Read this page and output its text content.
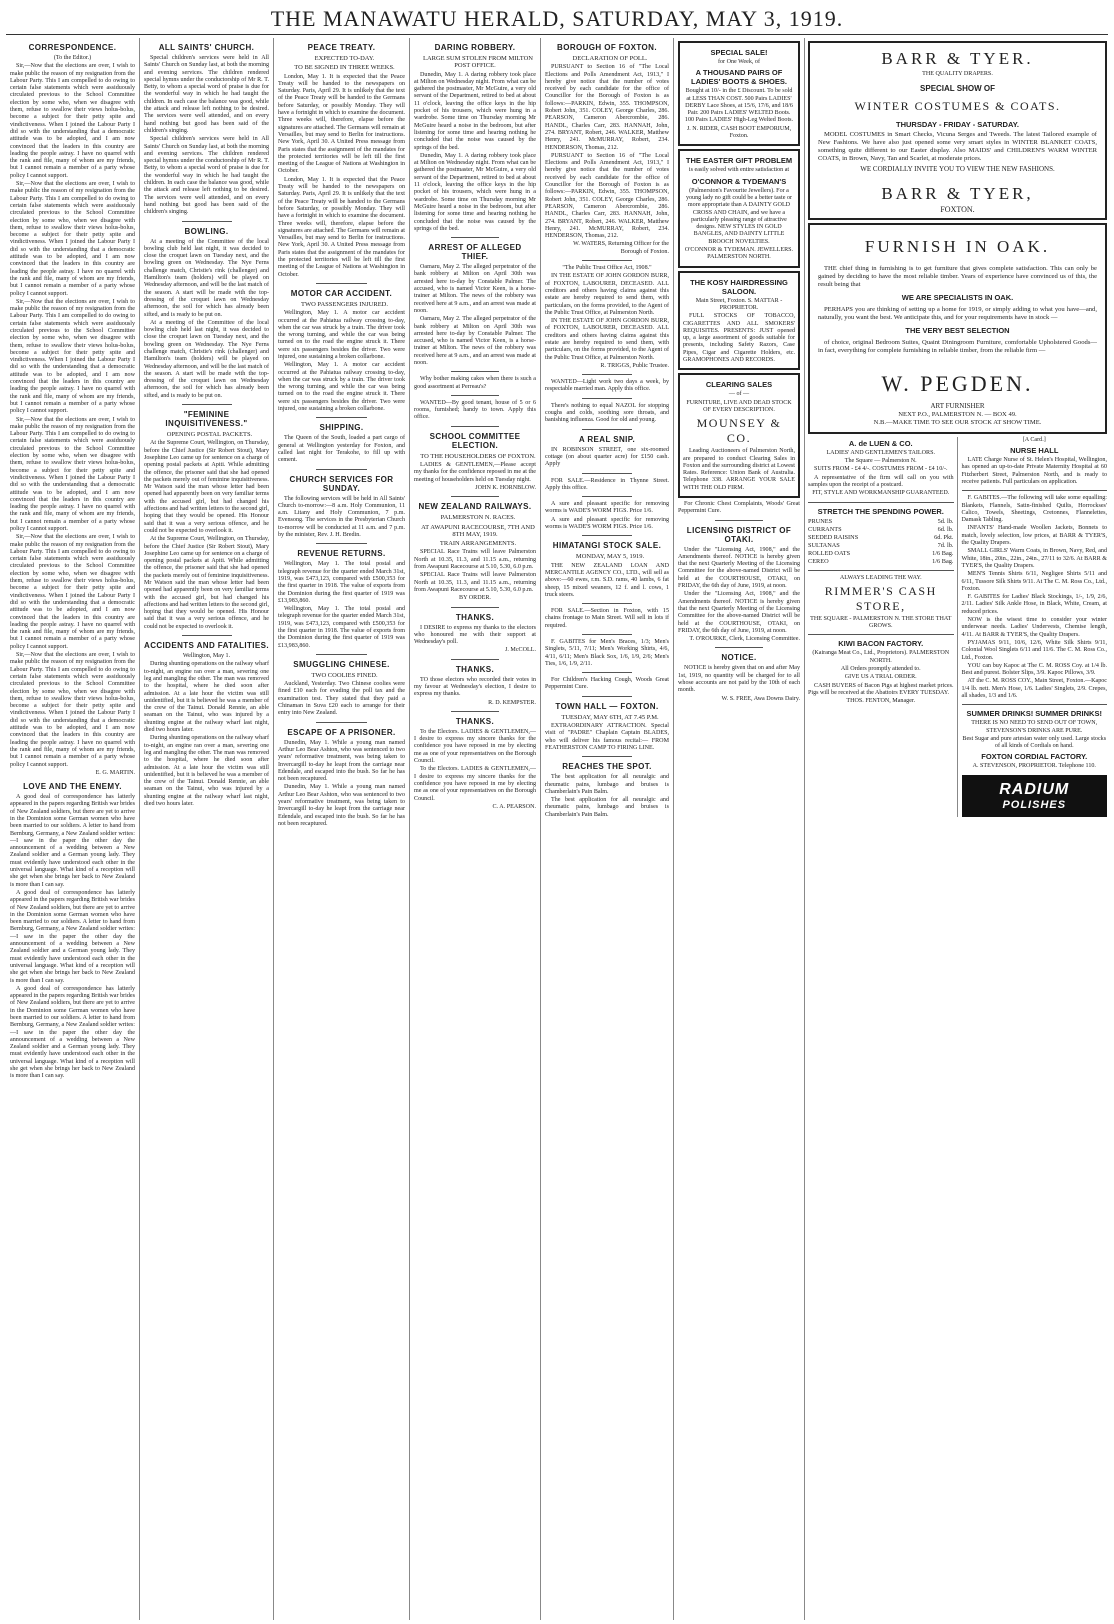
THE MANAWATU HERALD, SATURDAY, MAY 3, 1919.
CORRESPONDENCE.

(To the Editor.)

Sir,—Now that the elections are over, I wish to make public the reason of my resignation from the Labour Party. This I am compelled to do owing to certain false statements which were assiduously circulated previous to the School Committee election by some who, when we disagree with them, refuse to swallow their views holus-bolus, become a subject for their petty spite and vindictiveness. When I joined the Labour Party I did so with the understanding that a democratic attitude was to be adopted, and I am now convinced that the leaders in this country are leading the people astray. I have no quarrel with the rank and file, many of whom are my friends, but I cannot remain a member of a party whose policy I cannot support.

Sir,—Now that the elections are over, I wish to make public the reason of my resignation from the Labour Party. This I am compelled to do owing to certain false statements which were assiduously circulated previous to the School Committee election by some who, when we disagree with them, refuse to swallow their views holus-bolus, become a subject for their petty spite and vindictiveness. When I joined the Labour Party I did so with the understanding that a democratic attitude was to be adopted, and I am now convinced that the leaders in this country are leading the people astray. I have no quarrel with the rank and file, many of whom are my friends, but I cannot remain a member of a party whose policy I cannot support.

Sir,—Now that the elections are over, I wish to make public the reason of my resignation from the Labour Party. This I am compelled to do owing to certain false statements which were assiduously circulated previous to the School Committee election by some who, when we disagree with them, refuse to swallow their views holus-bolus, become a subject for their petty spite and vindictiveness. When I joined the Labour Party I did so with the understanding that a democratic attitude was to be adopted, and I am now convinced that the leaders in this country are leading the people astray. I have no quarrel with the rank and file, many of whom are my friends, but I cannot remain a member of a party whose policy I cannot support.

Sir,—Now that the elections are over, I wish to make public the reason of my resignation from the Labour Party. This I am compelled to do owing to certain false statements which were assiduously circulated previous to the School Committee election by some who, when we disagree with them, refuse to swallow their views holus-bolus, become a subject for their petty spite and vindictiveness. When I joined the Labour Party I did so with the understanding that a democratic attitude was to be adopted, and I am now convinced that the leaders in this country are leading the people astray. I have no quarrel with the rank and file, many of whom are my friends, but I cannot remain a member of a party whose policy I cannot support.

Sir,—Now that the elections are over, I wish to make public the reason of my resignation from the Labour Party. This I am compelled to do owing to certain false statements which were assiduously circulated previous to the School Committee election by some who, when we disagree with them, refuse to swallow their views holus-bolus, become a subject for their petty spite and vindictiveness. When I joined the Labour Party I did so with the understanding that a democratic attitude was to be adopted, and I am now convinced that the leaders in this country are leading the people astray. I have no quarrel with the rank and file, many of whom are my friends, but I cannot remain a member of a party whose policy I cannot support.

Sir,—Now that the elections are over, I wish to make public the reason of my resignation from the Labour Party. This I am compelled to do owing to certain false statements which were assiduously circulated previous to the School Committee election by some who, when we disagree with them, refuse to swallow their views holus-bolus, become a subject for their petty spite and vindictiveness. When I joined the Labour Party I did so with the understanding that a democratic attitude was to be adopted, and I am now convinced that the leaders in this country are leading the people astray. I have no quarrel with the rank and file, many of whom are my friends, but I cannot remain a member of a party whose policy I cannot support.

E. G. MARTIN.

LOVE AND THE ENEMY.

A good deal of correspondence has latterly appeared in the papers regarding British war brides of New Zealand soldiers, but there are yet to arrive in the Dominion some German women who have been married to our soldiers. A letter to hand from Bernburg, Germany, a New Zealand soldier writes:—I saw in the paper the other day the announcement of a wedding between a New Zealand soldier and a German young lady. They must evidently have understood each other in the universal language. What kind of a reception will she get when she brings her back to New Zealand is more than I can say.

A good deal of correspondence has latterly appeared in the papers regarding British war brides of New Zealand soldiers, but there are yet to arrive in the Dominion some German women who have been married to our soldiers. A letter to hand from Bernburg, Germany, a New Zealand soldier writes:—I saw in the paper the other day the announcement of a wedding between a New Zealand soldier and a German young lady. They must evidently have understood each other in the universal language. What kind of a reception will she get when she brings her back to New Zealand is more than I can say.

A good deal of correspondence has latterly appeared in the papers regarding British war brides of New Zealand soldiers, but there are yet to arrive in the Dominion some German women who have been married to our soldiers. A letter to hand from Bernburg, Germany, a New Zealand soldier writes:—I saw in the paper the other day the announcement of a wedding between a New Zealand soldier and a German young lady. They must evidently have understood each other in the universal language. What kind of a reception will she get when she brings her back to New Zealand is more than I can say.

ALL SAINTS' CHURCH.

Special children's services were held in All Saints' Church on Sunday last, at both the morning and evening services. The children rendered special hymns under the conductorship of Mr R. T. Betty, to whom a special word of praise is due for the wonderful way in which he had taught the children. In each case the balance was good, while the attack and release left nothing to be desired. The services were well attended, and on every hand nothing but good has been said of the children's singing.

Special children's services were held in All Saints' Church on Sunday last, at both the morning and evening services. The children rendered special hymns under the conductorship of Mr R. T. Betty, to whom a special word of praise is due for the wonderful way in which he had taught the children. In each case the balance was good, while the attack and release left nothing to be desired. The services were well attended, and on every hand nothing but good has been said of the children's singing.

BOWLING.

At a meeting of the Committee of the local bowling club held last night, it was decided to close the croquet lawn on Tuesday next, and the bowling green on Wednesday. The Nye Ferns challenge match, Christie's rink (challenger) and Hamilton's team (holders) will be played on Wednesday afternoon, and will be the last match of the season. A start will be made with the top-dressing of the croquet lawn on Wednesday afternoon, the soil for which has already been sifted, and is ready to be put on.

At a meeting of the Committee of the local bowling club held last night, it was decided to close the croquet lawn on Tuesday next, and the bowling green on Wednesday. The Nye Ferns challenge match, Christie's rink (challenger) and Hamilton's team (holders) will be played on Wednesday afternoon, and will be the last match of the season. A start will be made with the top-dressing of the croquet lawn on Wednesday afternoon, the soil for which has already been sifted, and is ready to be put on.

"FEMININE INQUISITIVENESS."

OPENING POSTAL PACKETS.

At the Supreme Court, Wellington, on Thursday, before the Chief Justice (Sir Robert Stout), Mary Josephine Leo came up for sentence on a charge of opening postal packets at Apiti. While admitting the offence, the prisoner said that she had opened the packets merely out of feminine inquisitiveness. Mr Watson said the man whose letter had been opened had apparently been on very familiar terms with the accused girl, but had changed his affections and had written letters to the second girl, hoping that they would be opened. His Honour said that it was a very serious offence, and he could not be expected to overlook it.

At the Supreme Court, Wellington, on Thursday, before the Chief Justice (Sir Robert Stout), Mary Josephine Leo came up for sentence on a charge of opening postal packets at Apiti. While admitting the offence, the prisoner said that she had opened the packets merely out of feminine inquisitiveness. Mr Watson said the man whose letter had been opened had apparently been on very familiar terms with the accused girl, but had changed his affections and had written letters to the second girl, hoping that they would be opened. His Honour said that it was a very serious offence, and he could not be expected to overlook it.

ACCIDENTS AND FATALITIES.

Wellington, May 1.

During shunting operations on the railway wharf to-night, an engine ran over a man, severing one leg and mangling the other. The man was removed to the hospital, where he died soon after admission. At a late hour the victim was still unidentified, but it is believed he was a member of the crew of the Tainui. Donald Rennie, an able seaman on the Tainui, who was injured by a shunting engine at the railway wharf last night, died two hours later.

During shunting operations on the railway wharf to-night, an engine ran over a man, severing one leg and mangling the other. The man was removed to the hospital, where he died soon after admission. At a late hour the victim was still unidentified, but it is believed he was a member of the crew of the Tainui. Donald Rennie, an able seaman on the Tainui, who was injured by a shunting engine at the railway wharf last night, died two hours later.

PEACE TREATY.

EXPECTED TO-DAY.

TO BE SIGNED IN THREE WEEKS.

London, May 1. It is expected that the Peace Treaty will be handed to the newspapers on Saturday. Paris, April 29. It is unlikely that the text of the Peace Treaty will be handed to the Germans before Saturday, or possibly Monday. They will have a fortnight in which to examine the document. Three weeks will, therefore, elapse before the signatures are attached. The Germans will remain at Versailles, but may send to Berlin for instructions. New York, April 30. A United Press message from Paris states that the assignment of the mandates for the protected territories will be left till the first meeting of the League of Nations at Washington in October.

London, May 1. It is expected that the Peace Treaty will be handed to the newspapers on Saturday. Paris, April 29. It is unlikely that the text of the Peace Treaty will be handed to the Germans before Saturday, or possibly Monday. They will have a fortnight in which to examine the document. Three weeks will, therefore, elapse before the signatures are attached. The Germans will remain at Versailles, but may send to Berlin for instructions. New York, April 30. A United Press message from Paris states that the assignment of the mandates for the protected territories will be left till the first meeting of the League of Nations at Washington in October.

MOTOR CAR ACCIDENT.

TWO PASSENGERS INJURED.

Wellington, May 1. A motor car accident occurred at the Pahiatua railway crossing to-day, when the car was struck by a train. The driver took the wrong turning, and while the car was being turned on to the road the engine struck it. There were six passengers besides the driver. Two were injured, one sustaining a broken collarbone.

Wellington, May 1. A motor car accident occurred at the Pahiatua railway crossing to-day, when the car was struck by a train. The driver took the wrong turning, and while the car was being turned on to the road the engine struck it. There were six passengers besides the driver. Two were injured, one sustaining a broken collarbone.

SHIPPING.

The Queen of the South, loaded a part cargo of general at Wellington yesterday for Foxton, and called last night for Terakohe, to fill up with cement.

CHURCH SERVICES FOR SUNDAY.

The following services will be held in All Saints' Church to-morrow:—8 a.m. Holy Communion, 11 a.m. Litany and Holy Communion, 7 p.m. Evensong. The services in the Presbyterian Church to-morrow will be conducted at 11 a.m. and 7 p.m. by the minister, Rev. J. H. Bredin.

REVENUE RETURNS.

Wellington, May 1. The total postal and telegraph revenue for the quarter ended March 31st, 1919, was £473,123, compared with £500,353 for the first quarter in 1918. The value of exports from the Dominion during the first quarter of 1919 was £13,983,860.

Wellington, May 1. The total postal and telegraph revenue for the quarter ended March 31st, 1919, was £473,123, compared with £500,353 for the first quarter in 1918. The value of exports from the Dominion during the first quarter of 1919 was £13,983,860.

SMUGGLING CHINESE.

TWO COOLIES FINED.

Auckland, Yesterday. Two Chinese coolies were fined £10 each for evading the poll tax and the examination test. They stated that they paid a Chinaman in Suva £20 each to arrange for their entry into New Zealand.

ESCAPE OF A PRISONER.

Dunedin, May 1. While a young man named Arthur Leo Bear Ashton, who was sentenced to two years' reformative treatment, was being taken to Invercargill to-day he leapt from the carriage near Edendale, and escaped into the bush. So far he has not been recaptured.

Dunedin, May 1. While a young man named Arthur Leo Bear Ashton, who was sentenced to two years' reformative treatment, was being taken to Invercargill to-day he leapt from the carriage near Edendale, and escaped into the bush. So far he has not been recaptured.

DARING ROBBERY.

LARGE SUM STOLEN FROM MILTON POST OFFICE.

Dunedin, May 1. A daring robbery took place at Milton on Wednesday night. From what can be gathered the postmaster, Mr McGuire, a very old servant of the Department, retired to bed at about 11 o'clock, leaving the office keys in the hip pocket of his trousers, which were hung in a wardrobe. Some time on Thursday morning Mr McGuire heard a noise in the bedroom, but after listening for some time and hearing nothing he concluded that the noise was caused by the springs of the bed.

Dunedin, May 1. A daring robbery took place at Milton on Wednesday night. From what can be gathered the postmaster, Mr McGuire, a very old servant of the Department, retired to bed at about 11 o'clock, leaving the office keys in the hip pocket of his trousers, which were hung in a wardrobe. Some time on Thursday morning Mr McGuire heard a noise in the bedroom, but after listening for some time and hearing nothing he concluded that the noise was caused by the springs of the bed.

ARREST OF ALLEGED THIEF.

Oamaru, May 2. The alleged perpetrator of the bank robbery at Milton on April 30th was arrested here to-day by Constable Palmer. The accused, who is named Victor Keen, is a horse-trainer at Milton. The news of the robbery was received here at 9 a.m., and an arrest was made at noon.

Oamaru, May 2. The alleged perpetrator of the bank robbery at Milton on April 30th was arrested here to-day by Constable Palmer. The accused, who is named Victor Keen, is a horse-trainer at Milton. The news of the robbery was received here at 9 a.m., and an arrest was made at noon.

Why bother making cakes when there is such a good assortment at Perreau's?

WANTED—By good tenant, house of 5 or 6 rooms, furnished; handy to town. Apply this office.

SCHOOL COMMITTEE ELECTION.

TO THE HOUSEHOLDERS OF FOXTON.

LADIES & GENTLEMEN,—Please accept my thanks for the confidence reposed in me at the meeting of householders held on Tuesday night.

JOHN K. HORNBLOW.

NEW ZEALAND RAILWAYS.

PALMERSTON N. RACES.

AT AWAPUNI RACECOURSE, 7TH AND 8TH MAY, 1919.

TRAIN ARRANGEMENTS.

SPECIAL Race Trains will leave Palmerston North at 10.35, 11.3, and 11.15 a.m., returning from Awapuni Racecourse at 5.10, 5.30, 6.0 p.m.

SPECIAL Race Trains will leave Palmerston North at 10.35, 11.3, and 11.15 a.m., returning from Awapuni Racecourse at 5.10, 5.30, 6.0 p.m.

BY ORDER.

THANKS.

I DESIRE to express my thanks to the electors who honoured me with their support at Wednesday's poll.

J. McCOLL.

THANKS.

TO those electors who recorded their votes in my favour at Wednesday's election, I desire to express my thanks.

R. D. KEMPSTER.

THANKS.

To the Electors. LADIES & GENTLEMEN,—I desire to express my sincere thanks for the confidence you have reposed in me by electing me as one of your representatives on the Borough Council.

To the Electors. LADIES & GENTLEMEN,—I desire to express my sincere thanks for the confidence you have reposed in me by electing me as one of your representatives on the Borough Council.

C. A. PEARSON.

BOROUGH OF FOXTON.

DECLARATION OF POLL.

PURSUANT to Section 16 of "The Local Elections and Polls Amendment Act, 1913," I hereby give notice that the number of votes received by each candidate for the office of Councillor for the Borough of Foxton is as follows:—PARKIN, Edwin, 355. THOMPSON, Robert John, 351. COLEY, George Charles, 286. PEARSON, Cameron Abercrombie, 286. HANDL, Charles Carr, 283. HANNAH, John, 274. BRYANT, Robert, 246. WALKER, Matthew Henry, 241. McMURRAY, Robert, 234. HENDERSON, Thomas, 212.

PURSUANT to Section 16 of "The Local Elections and Polls Amendment Act, 1913," I hereby give notice that the number of votes received by each candidate for the office of Councillor for the Borough of Foxton is as follows:—PARKIN, Edwin, 355. THOMPSON, Robert John, 351. COLEY, George Charles, 286. PEARSON, Cameron Abercrombie, 286. HANDL, Charles Carr, 283. HANNAH, John, 274. BRYANT, Robert, 246. WALKER, Matthew Henry, 241. McMURRAY, Robert, 234. HENDERSON, Thomas, 212.

W. WATERS, Returning Officer for the Borough of Foxton.

"The Public Trust Office Act, 1908."

IN THE ESTATE OF JOHN GORDON BURR, of FOXTON, LABOURER, DECEASED. ALL creditors and others having claims against this estate are hereby required to send them, with particulars, on the forms provided, to the Agent of the Public Trust Office, at Palmerston North.

IN THE ESTATE OF JOHN GORDON BURR, of FOXTON, LABOURER, DECEASED. ALL creditors and others having claims against this estate are hereby required to send them, with particulars, on the forms provided, to the Agent of the Public Trust Office, at Palmerston North.

R. TRIGGS, Public Trustee.

WANTED—Light work two days a week, by respectable married man. Apply this office.

There's nothing to equal NAZOL for stopping coughs and colds, soothing sore throats, and banishing influenza. Good for old and young.

A REAL SNIP.

IN ROBINSON STREET, one six-roomed cottage (on about quarter acre) for £150 cash. Apply

FOR SALE.—Residence in Thynne Street. Apply this office.

A sure and pleasant specific for removing worms is WADE'S WORM FIGS. Price 1/6.

A sure and pleasant specific for removing worms is WADE'S WORM FIGS. Price 1/6.

HIMATANGI STOCK SALE.

MONDAY, MAY 5, 1919.

THE NEW ZEALAND LOAN AND MERCANTILE AGENCY CO., LTD., will sell as above:—60 ewes, r.m. S.D. rams, 40 lambs, 6 fat sheep, 15 mixed weaners, 12 f. and l. cows, 1 truck steers.

FOR SALE.—Section in Foxton, with 15 chains frontage to Main Street. Will sell in lots if required.

F. GABITES for Men's Braces, 1/3; Men's Singlets, 5/11, 7/11; Men's Working Shirts, 4/6, 4/11, 6/11; Men's Black Sox, 1/6, 1/9, 2/6; Men's Ties, 1/6, 1/9, 2/11.

For Children's Hacking Cough, Woods Great Peppermint Cure.

TOWN HALL — FOXTON.

TUESDAY, MAY 6TH, AT 7.45 P.M.

EXTRAORDINARY ATTRACTION. Special visit of "PADRE" Chaplain Captain BLADES, who will deliver his famous recital:— FROM FEATHERSTON CAMP TO FIRING LINE.

REACHES THE SPOT.

The best application for all neuralgic and rheumatic pains, lumbago and bruises is Chamberlain's Pain Balm.

The best application for all neuralgic and rheumatic pains, lumbago and bruises is Chamberlain's Pain Balm.

SPECIAL SALE!

for One Week, of

A THOUSAND PAIRS OF LADIES' BOOTS & SHOES.

Bought at 10/- in the £ Discount. To be sold at LESS THAN COST. 500 Pairs LADIES' DERBY Lace Shoes, at 15/6, 17/6, and 18/6 Pair. 200 Pairs LADIES' WELTED Boots. 100 Pairs LADIES' High-Leg Welted Boots.

J. N. RIDER, CASH BOOT EMPORIUM, Foxton.

THE EASTER GIFT PROBLEM

is easily solved with entire satisfaction at

O'CONNOR & TYDEMAN'S

(Palmerston's Favourite Jewellers). For a young lady no gift could be a better taste or more appropriate than A DAINTY GOLD CROSS AND CHAIN, and we have a particularly pleasing range of attractive designs. NEW STYLES IN GOLD BANGLES, AND DAINTY LITTLE BROOCH NOVELTIES.

O'CONNOR & TYDEMAN. JEWELLERS. PALMERSTON NORTH.

THE KOSY HAIRDRESSING SALOON.

Main Street, Foxton. S. MATTAR - PROPRIETOR.

FULL STOCKS OF TOBACCO, CIGARETTES AND ALL SMOKERS' REQUISITES. PRESENTS: JUST opened up, a large assortment of goods suitable for presents, including Safety Razors, Case Pipes, Cigar and Cigarette Holders, etc. GRAMOPHONES AND RECORDS.

CLEARING SALES

— of —

FURNITURE, LIVE AND DEAD STOCK OF EVERY DESCRIPTION.

MOUNSEY & CO.

Leading Auctioneers of Palmerston North, are prepared to conduct Clearing Sales in Foxton and the surrounding district at Lowest Rates. Reference: Union Bank of Australia. Telephone 338. ARRANGE YOUR SALE WITH THE OLD FIRM.

For Chronic Chest Complaints, Woods' Great Peppermint Cure.

LICENSING DISTRICT OF OTAKI.

Under the "Licensing Act, 1908," and the Amendments thereof. NOTICE is hereby given that the next Quarterly Meeting of the Licensing Committee for the above-named District will be held at the COURTHOUSE, OTAKI, on FRIDAY, the 6th day of June, 1919, at noon.

Under the "Licensing Act, 1908," and the Amendments thereof. NOTICE is hereby given that the next Quarterly Meeting of the Licensing Committee for the above-named District will be held at the COURTHOUSE, OTAKI, on FRIDAY, the 6th day of June, 1919, at noon.

T. O'ROURKE, Clerk, Licensing Committee.

NOTICE.

NOTICE is hereby given that on and after May 1st, 1919, no quantity will be charged for to all whose accounts are not paid by the 10th of each month.

W. S. FREE, Awa Downs Dairy.

BARR & TYER.

THE QUALITY DRAPERS.

SPECIAL SHOW OF
WINTER COSTUMES & COATS.
THURSDAY - FRIDAY - SATURDAY.

MODEL COSTUMES in Smart Checks, Vicuna Serges and Tweeds. The latest Tailored example of New Fashions. We have also just opened some very smart styles in WINTER BLANKET COATS, something quite different to our Easter display. Also MAIDS' and CHILDREN'S WARM WINTER COATS, in Brown, Navy, Tan and Scarlet, at moderate prices.

WE CORDIALLY INVITE YOU TO VIEW THE NEW FASHIONS.

BARR & TYER,

FOXTON.

FURNISH IN OAK.

THE chief thing in furnishing is to get furniture that gives complete satisfaction. This can only be gained by deciding to have the most reliable timber. Years of experience have convinced us of this, the result being that

WE ARE SPECIALISTS IN OAK.

PERHAPS you are thinking of setting up a home for 1919, or simply adding to what you have—and, naturally, you want the best. We anticipate this, and for your requirements have in stock —

THE VERY BEST SELECTION

of choice, original Bedroom Suites, Quaint Diningroom Furniture, comfortable Upholstered Goods—in fact, everything for complete furnishing in reliable timber, from the reliable firm —

W. PEGDEN.

ART FURNISHER

NEXT P.O., PALMERSTON N. — BOX 49.

N.B.—MAKE TIME TO SEE OUR STOCK AT SHOW TIME.

A. de LUEN & CO.

LADIES' AND GENTLEMEN'S TAILORS.

The Square — Palmerston N.

SUITS FROM - £4 4/-. COSTUMES FROM - £4 10/-.

A representative of the firm will call on you with samples upon the receipt of a postcard.

FIT, STYLE AND WORKMANSHIP GUARANTEED.

STRETCH THE SPENDING POWER.
PRUNES	5d. lb.
CURRANTS	6d. lb.
SEEDED RAISINS	6d. Pkt.
SULTANAS	7d. lb.
ROLLED OATS	1/6 Bag.
CEREO	1/6 Bag.

ALWAYS LEADING THE WAY.

RIMMER'S CASH STORE,

THE SQUARE - PALMERSTON N. THE STORE THAT GROWS.

KIWI BACON FACTORY.

(Kairanga Meat Co., Ltd., Proprietors). PALMERSTON NORTH.

All Orders promptly attended to.

GIVE US A TRIAL ORDER.

CASH BUYERS of Bacon Pigs at highest market prices. Pigs will be received at the Abattoirs EVERY TUESDAY.

THOS. FENTON, Manager.

[A Card.]

NURSE HALL

LATE Charge Nurse of St. Helen's Hospital, Wellington, has opened an up-to-date Private Maternity Hospital at 60 Fitzherbert Street, Palmerston North, and is ready to receive patients. Full particulars on application.

F. GABITES.—The following will take some equalling: Blankets, Flannels, Satin-finished Quilts, Horrockses' Calico, Towels, Sheetings, Cretonnes, Flannelettes, Damask Tabling.

INFANTS' Hand-made Woollen Jackets, Bonnets to match, lovely selection, low prices, at BARR & TYER'S, the Quality Drapers.

SMALL GIRLS' Warm Coats, in Brown, Navy, Red, and White, 18in., 20in., 22in., 24in., 27/11 to 32/6. At BARR & TYER'S, the Quality Drapers.

MEN'S Tennis Shirts 6/11, Negligee Shirts 5/11 and 6/11, Tussore Silk Shirts 9/11. At The C. M. Ross Co., Ltd., Foxton.

F. GABITES for Ladies' Black Stockings, 1/-, 1/9, 2/6, 2/11. Ladies' Silk Ankle Hose, in Black, White, Cream, at reduced prices.

NOW is the wisest time to consider your winter underwear needs. Ladies' Undervests, Chemise length, 4/11. At BARR & TYER'S, the Quality Drapers.

PYJAMAS 9/11, 10/6, 12/6, White Silk Shirts 9/11, Colonial Wool Singlets 6/11 and 11/6. The C. M. Ross Co., Ltd., Foxton.

YOU can buy Kapoc at The C. M. ROSS Coy. at 1/4 lb. Best and purest. Bolster Slips, 3/9. Kapoc Pillows, 3/9.

AT the C. M. ROSS COY., Main Street, Foxton.—Kapoc 1/4 lb. nett. Men's Hose, 1/6. Ladies' Singlets, 2/9. Crepes, all shades, 1/3 and 1/6.

SUMMER DRINKS! SUMMER DRINKS!

THERE IS NO NEED TO SEND OUT OF TOWN, STEVENSON'S DRINKS ARE PURE.

Best Sugar and pure artesian water only used. Large stocks of all kinds of Cordials on hand.

FOXTON CORDIAL FACTORY.

A. STEVENSON, PROPRIETOR. Telephone 110.

RADIUM
POLISHES
